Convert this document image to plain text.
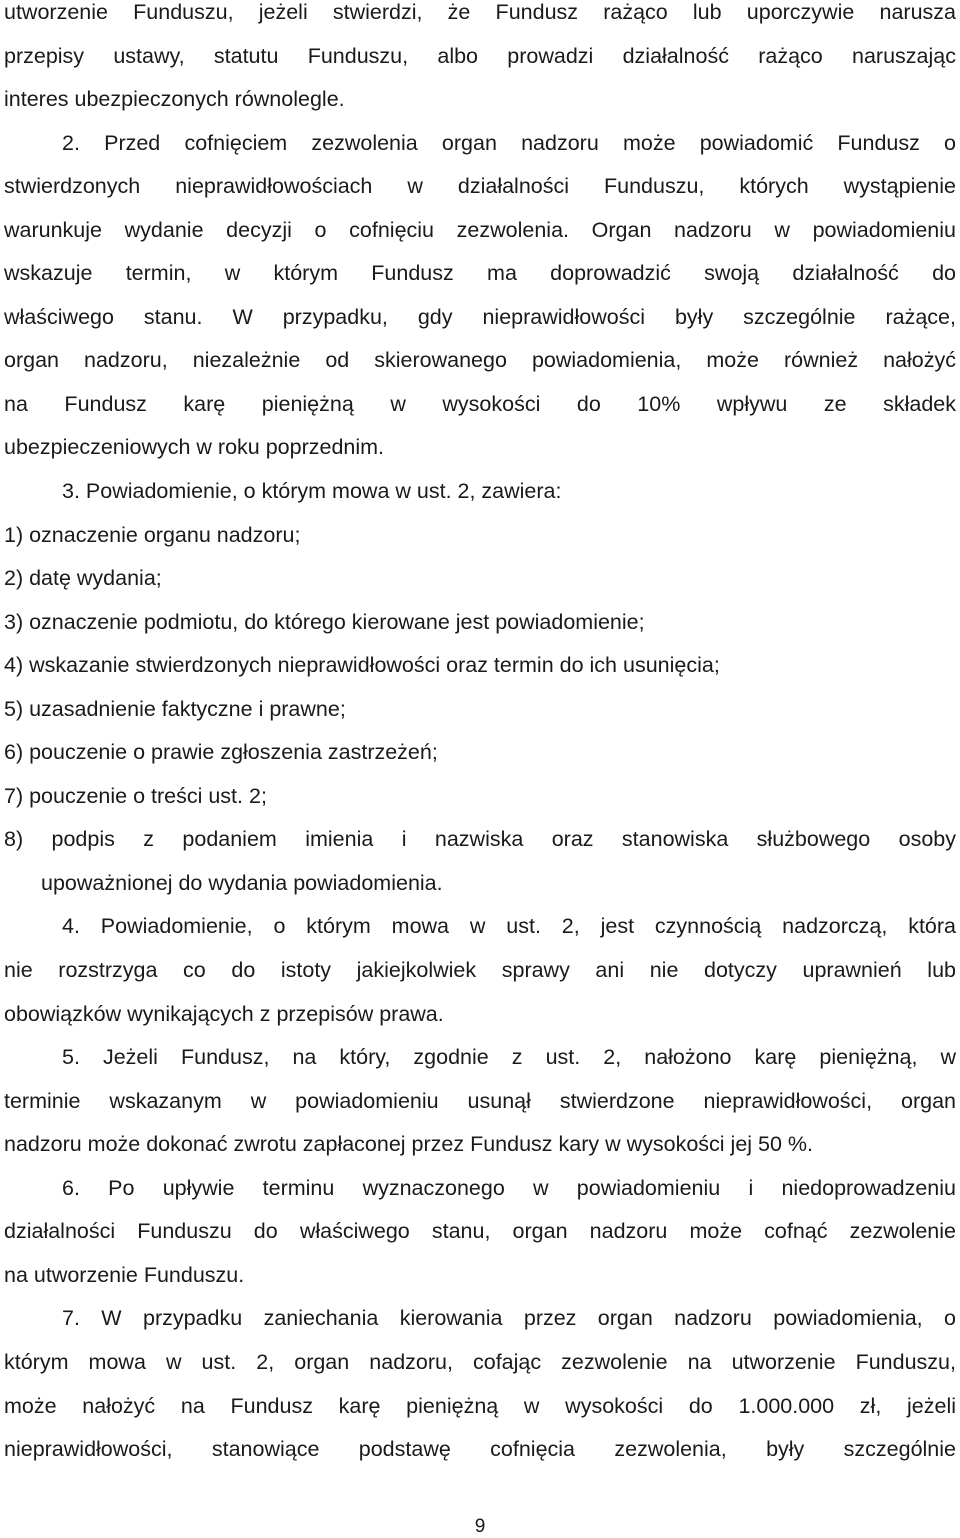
utworzenie Funduszu, jeżeli stwierdzi, że Fundusz rażąco lub uporczywie narusza
przepisy ustawy, statutu Funduszu, albo prowadzi działalność rażąco naruszając
interes ubezpieczonych równolegle.
2. Przed cofnięciem zezwolenia organ nadzoru może powiadomić Fundusz o
stwierdzonych nieprawidłowościach w działalności Funduszu, których wystąpienie
warunkuje wydanie decyzji o cofnięciu zezwolenia. Organ nadzoru w powiadomieniu
wskazuje termin, w którym Fundusz ma doprowadzić swoją działalność do
właściwego stanu. W przypadku, gdy nieprawidłowości były szczególnie rażące,
organ nadzoru, niezależnie od skierowanego powiadomienia, może również nałożyć
na Fundusz karę pieniężną w wysokości do 10% wpływu ze składek
ubezpieczeniowych w roku poprzednim.
3. Powiadomienie, o którym mowa w ust. 2, zawiera:
1) oznaczenie organu nadzoru;
2) datę wydania;
3) oznaczenie podmiotu, do którego kierowane jest powiadomienie;
4) wskazanie stwierdzonych nieprawidłowości oraz termin do ich usunięcia;
5) uzasadnienie faktyczne i prawne;
6) pouczenie o prawie zgłoszenia zastrzeżeń;
7) pouczenie o treści ust. 2;
8) podpis z podaniem imienia i nazwiska oraz stanowiska służbowego osoby
upoważnionej do wydania powiadomienia.
4. Powiadomienie, o którym mowa w ust. 2, jest czynnością nadzorczą, która
nie rozstrzyga co do istoty jakiejkolwiek sprawy ani nie dotyczy uprawnień lub
obowiązków wynikających z przepisów prawa.
5. Jeżeli Fundusz, na który, zgodnie z ust. 2, nałożono karę pieniężną, w
terminie wskazanym w powiadomieniu usunął stwierdzone nieprawidłowości, organ
nadzoru może dokonać zwrotu zapłaconej przez Fundusz kary w wysokości jej 50 %.
6. Po upływie terminu wyznaczonego w powiadomieniu i niedoprowadzeniu
działalności Funduszu do właściwego stanu, organ nadzoru może cofnąć zezwolenie
na utworzenie Funduszu.
7. W przypadku zaniechania kierowania przez organ nadzoru powiadomienia, o
którym mowa w ust. 2, organ nadzoru, cofając zezwolenie na utworzenie Funduszu,
może nałożyć na Fundusz karę pieniężną w wysokości do 1.000.000 zł, jeżeli
nieprawidłowości, stanowiące podstawę cofnięcia zezwolenia, były szczególnie
9
